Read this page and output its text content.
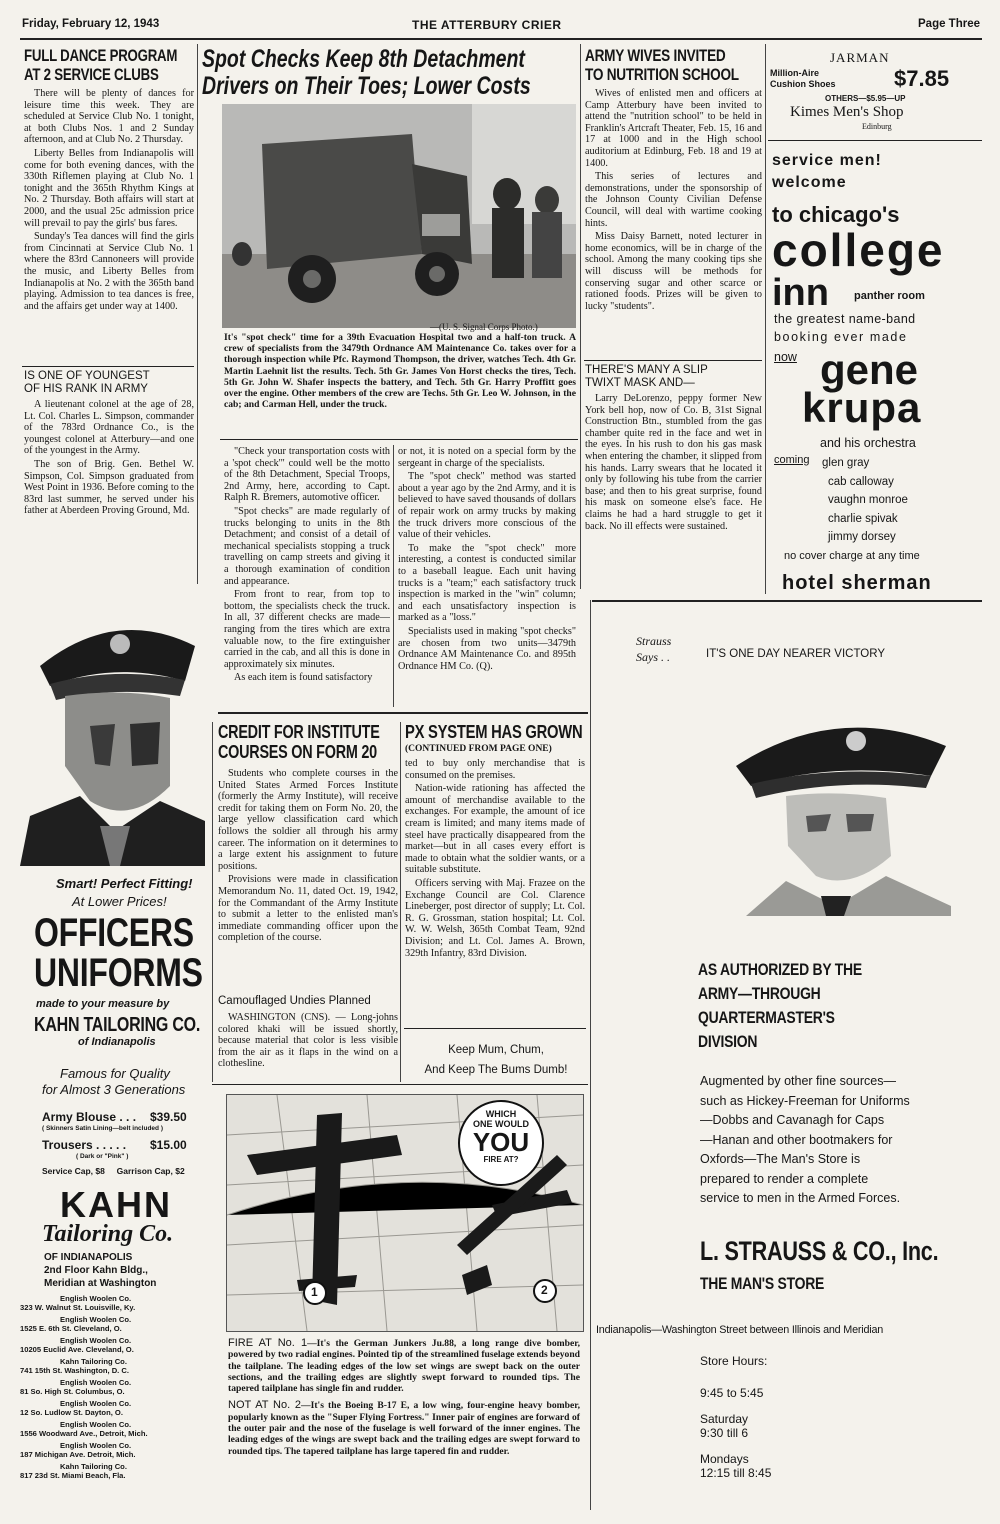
Friday, February 12, 1943	THE ATTERBURY CRIER	Page Three
FULL DANCE PROGRAM
AT 2 SERVICE CLUBS

There will be plenty of dances for leisure time this week. They are scheduled at Service Club No. 1 tonight, at both Clubs Nos. 1 and 2 Sunday afternoon, and at Club No. 2 Thursday.

Liberty Belles from Indianapolis will come for both evening dances, with the 330th Riflemen playing at Club No. 1 tonight and the 365th Rhythm Kings at No. 2 Thursday. Both affairs will start at 2000, and the usual 25c admission price will prevail to pay the girls' bus fares.

Sunday's Tea dances will find the girls from Cincinnati at Service Club No. 1 where the 83rd Cannoneers will provide the music, and Liberty Belles from Indianapolis at No. 2 with the 365th band playing. Admission to tea dances is free, and the affairs get under way at 1400.

IS ONE OF YOUNGEST
OF HIS RANK IN ARMY

A lieutenant colonel at the age of 28, Lt. Col. Charles L. Simpson, commander of the 783rd Ordnance Co., is the youngest colonel at Atterbury—and one of the youngest in the Army.

The son of Brig. Gen. Bethel W. Simpson, Col. Simpson graduated from West Point in 1936. Before coming to the 83rd last summer, he served under his father at Aberdeen Proving Ground, Md.

Spot Checks Keep 8th Detachment
Drivers on Their Toes; Lower Costs
—(U. S. Signal Corps Photo.)
It's "spot check" time for a 39th Evacuation Hospital two and a half-ton truck. A crew of specialists from the 3479th Ordnance AM Maintenance Co. takes over for a thorough inspection while Pfc. Raymond Thompson, the driver, watches Tech. 4th Gr. Martin Laehnit list the results. Tech. 5th Gr. James Von Horst checks the tires, Tech. 5th Gr. John W. Shafer inspects the battery, and Tech. 5th Gr. Harry Proffitt goes over the engine. Other members of the crew are Techs. 5th Gr. Leo W. Johnson, in the cab; and Carman Hell, under the truck.

"Check your transportation costs with a 'spot check'" could well be the motto of the 8th Detachment, Special Troops, 2nd Army, here, according to Capt. Ralph R. Bremers, automotive officer.

"Spot checks" are made regularly of trucks belonging to units in the 8th Detachment; and consist of a detail of mechanical specialists stopping a truck travelling on camp streets and giving it a thorough examination of condition and appearance.

From front to rear, from top to bottom, the specialists check the truck. In all, 37 different checks are made—ranging from the tires which are extra valuable now, to the fire extinguisher carried in the cab, and all this is done in approximately six minutes.

As each item is found satisfactory

or not, it is noted on a special form by the sergeant in charge of the specialists.

The "spot check" method was started about a year ago by the 2nd Army, and it is believed to have saved thousands of dollars of repair work on army trucks by making the truck drivers more conscious of the value of their vehicles.

To make the "spot check" more interesting, a contest is conducted similar to a baseball league. Each unit having trucks is a "team;" each satisfactory truck inspection is marked in the "win" column; and each unsatisfactory inspection is marked as a "loss."

Specialists used in making "spot checks" are chosen from two units—3479th Ordnance AM Maintenance Co. and 895th Ordnance HM Co. (Q).

ARMY WIVES INVITED
TO NUTRITION SCHOOL

Wives of enlisted men and officers at Camp Atterbury have been invited to attend the "nutrition school" to be held in Franklin's Artcraft Theater, Feb. 15, 16 and 17 at 1000 and in the High school auditorium at Edinburg, Feb. 18 and 19 at 1400.

This series of lectures and demonstrations, under the sponsorship of the Johnson County Civilian Defense Council, will deal with wartime cooking hints.

Miss Daisy Barnett, noted lecturer in home economics, will be in charge of the school. Among the many cooking tips she will discuss will be methods for conserving sugar and other scarce or rationed foods. Prizes will be given to lucky "students".

THERE'S MANY A SLIP
TWIXT MASK AND—

Larry DeLorenzo, peppy former New York bell hop, now of Co. B, 31st Signal Construction Btn., stumbled from the gas chamber quite red in the face and wet in the eyes. In his rush to don his gas mask when entering the chamber, it slipped from his hands. Larry swears that he located it only by following his tube from the carrier base; and then to his great surprise, found his mask on someone else's face. He claims he had a hard struggle to get it back. No ill effects were sustained.

JARMAN
Million-Aire
Cushion Shoes	$7.85
OTHERS—$5.95—UP
Kimes Men's Shop
Edinburg
service men!
welcome
to chicago's
college
inn panther room
the greatest name-band
booking ever made
now gene
krupa
and his orchestra
coming glen gray
cab calloway
vaughn monroe
charlie spivak
jimmy dorsey
no cover charge at any time
hotel sherman
Smart! Perfect Fitting!
At Lower Prices!
OFFICERS
UNIFORMS
made to your measure by
KAHN TAILORING CO.
of Indianapolis
Famous for Quality
for Almost 3 Generations
Army Blouse . . . $39.50
( Skinners Satin Lining—belt included )
Trousers . . . . . $15.00
( Dark or "Pink" )
Service Cap, $8     Garrison Cap, $2
KAHN
Tailoring Co.
OF INDIANAPOLIS
2nd Floor Kahn Bldg.,
Meridian at Washington
English Woolen Co.
323 W. Walnut St. Louisville, Ky.
English Woolen Co.
1525 E. 6th St. Cleveland, O.
English Woolen Co.
10205 Euclid Ave. Cleveland, O.
Kahn Tailoring Co.
741 15th St. Washington, D. C.
English Woolen Co.
81 So. High St. Columbus, O.
English Woolen Co.
12 So. Ludlow St. Dayton, O.
English Woolen Co.
1556 Woodward Ave., Detroit, Mich.
English Woolen Co.
187 Michigan Ave. Detroit, Mich.
Kahn Tailoring Co.
817 23d St. Miami Beach, Fla.
CREDIT FOR INSTITUTE
COURSES ON FORM 20

Students who complete courses in the United States Armed Forces Institute (formerly the Army Institute), will receive credit for taking them on Form No. 20, the large yellow classification card which follows the soldier all through his army career. The information on it determines to a large extent his assignment to future positions.

Provisions were made in classification Memorandum No. 11, dated Oct. 19, 1942, for the Commandant of the Army Institute to submit a letter to the enlisted man's immediate commanding officer upon the completion of the course.

Camouflaged Undies Planned

WASHINGTON (CNS). — Long-johns colored khaki will be issued shortly, because material that color is less visible from the air as it flaps in the wind on a clothesline.

PX SYSTEM HAS GROWN
(CONTINUED FROM PAGE ONE)

ted to buy only merchandise that is consumed on the premises.

Nation-wide rationing has affected the amount of merchandise available to the exchanges. For example, the amount of ice cream is limited; and many items made of steel have practically disappeared from the market—but in all cases every effort is made to obtain what the soldier wants, or a suitable substitute.

Officers serving with Maj. Frazee on the Exchange Council are Col. Clarence Lineberger, post director of supply; Lt. Col. R. G. Grossman, station hospital; Lt. Col. W. W. Welsh, 365th Combat Team, 92nd Division; and Lt. Col. James A. Brown, 329th Infantry, 83rd Division.

Keep Mum, Chum,
And Keep The Bums Dumb!
WHICH
ONE WOULD
YOU
FIRE AT?
1	2

FIRE AT No. 1—It's the German Junkers Ju.88, a long range dive bomber, powered by two radial engines. Pointed tip of the streamlined fuselage extends beyond the tailplane. The leading edges of the low set wings are swept back on the outer sections, and the trailing edges are slightly swept forward to rounded tips. The tapered tailplane has single fin and rudder.

NOT AT No. 2—It's the Boeing B-17 E, a low wing, four-engine heavy bomber, popularly known as the "Super Flying Fortress." Inner pair of engines are forward of the outer pair and the nose of the fuselage is well forward of the inner engines. The leading edges of the wings are swept back and the trailing edges are swept forward to rounded tips. The tapered tailplane has large tapered fin and rudder.

Strauss
Says . .	IT'S ONE DAY NEARER VICTORY
AS AUTHORIZED BY THE
ARMY—THROUGH
QUARTERMASTER'S
DIVISION
Augmented by other fine sources—
such as Hickey-Freeman for Uniforms
—Dobbs and Cavanagh for Caps
—Hanan and other bootmakers for
Oxfords—The Man's Store is
prepared to render a complete
service to men in the Armed Forces.
L. STRAUSS & CO., Inc.
THE MAN'S STORE
Indianapolis—Washington Street between Illinois and Meridian
Store Hours:
9:45 to 5:45
Saturday
9:30 till 6
Mondays
12:15 till 8:45
